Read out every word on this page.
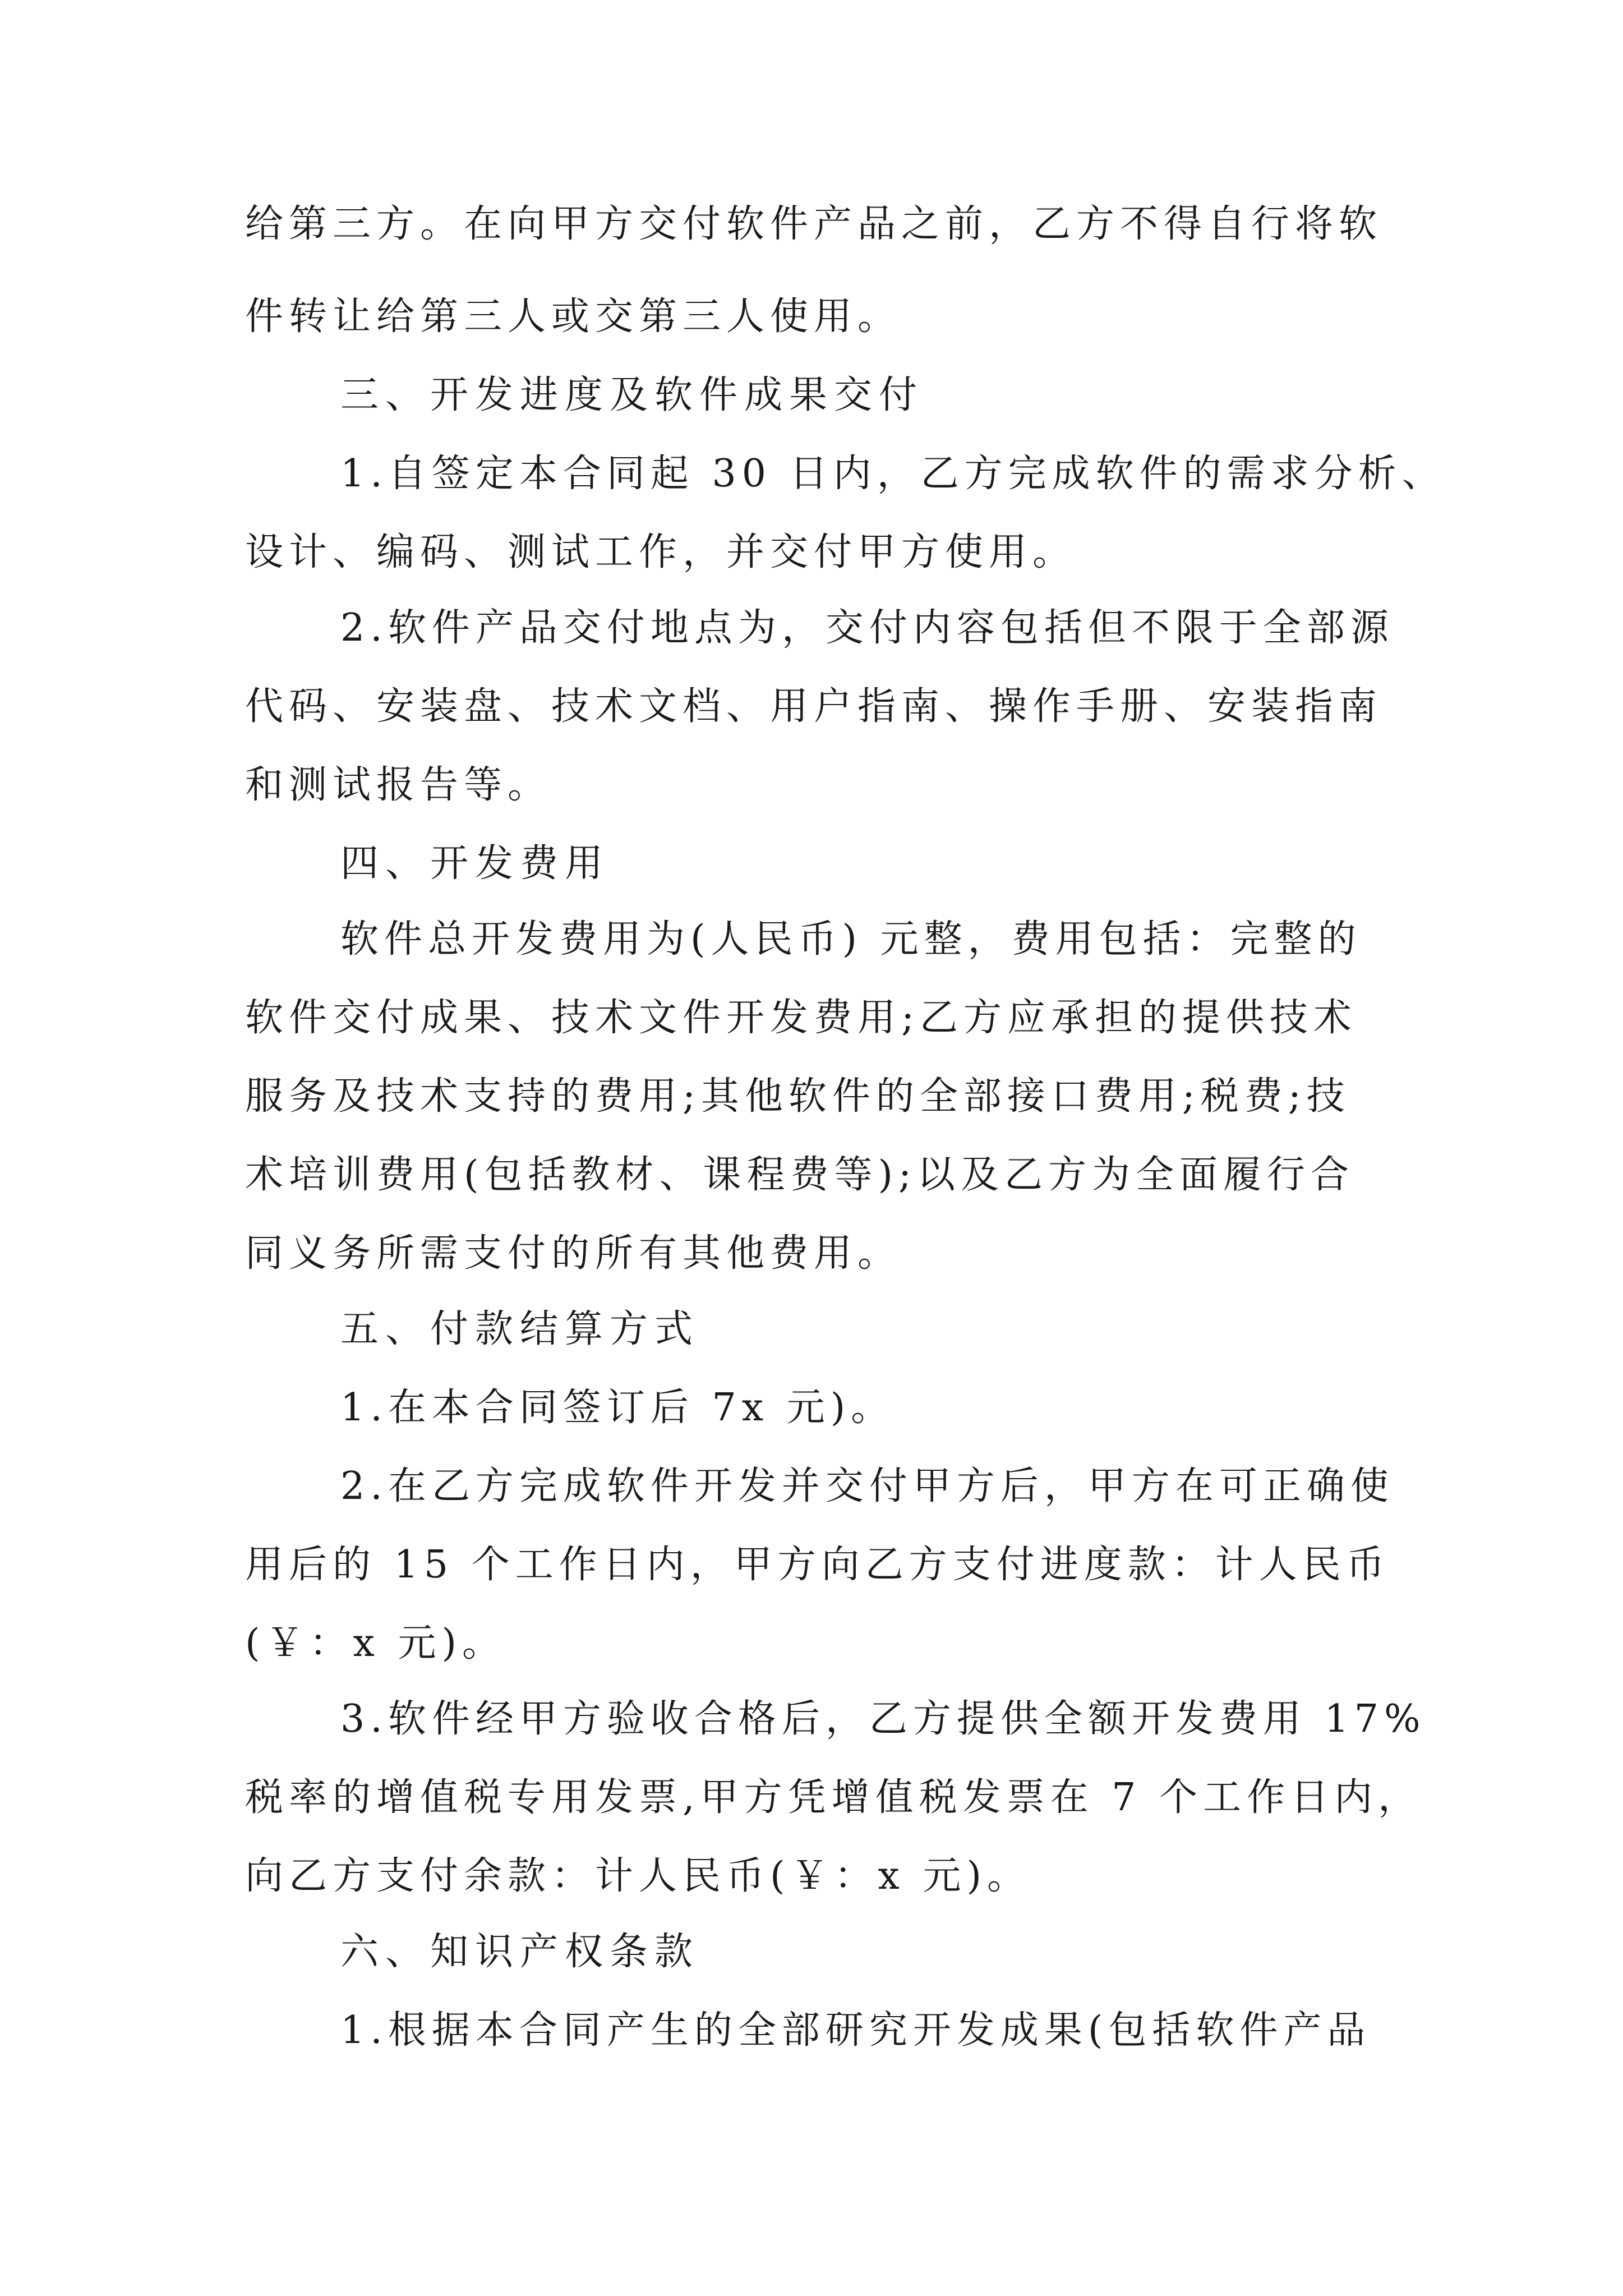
给第三方。在向甲方交付软件产品之前，乙方不得自行将软
件转让给第三人或交第三人使用。
三、开发进度及软件成果交付
1.自签定本合同起 30 日内，乙方完成软件的需求分析、
设计、编码、测试工作，并交付甲方使用。
2.软件产品交付地点为，交付内容包括但不限于全部源
代码、安装盘、技术文档、用户指南、操作手册、安装指南
和测试报告等。
四、开发费用
软件总开发费用为(人民币) 元整，费用包括：完整的
软件交付成果、技术文件开发费用;乙方应承担的提供技术
服务及技术支持的费用;其他软件的全部接口费用;税费;技
术培训费用(包括教材、课程费等);以及乙方为全面履行合
同义务所需支付的所有其他费用。
五、付款结算方式
1.在本合同签订后 7x 元)。
2.在乙方完成软件开发并交付甲方后，甲方在可正确使
用后的 15 个工作日内，甲方向乙方支付进度款：计人民币
(￥：x 元)。
3.软件经甲方验收合格后，乙方提供全额开发费用 17%
税率的增值税专用发票,甲方凭增值税发票在 7 个工作日内，
向乙方支付余款：计人民币(￥：x 元)。
六、知识产权条款
1.根据本合同产生的全部研究开发成果(包括软件产品
